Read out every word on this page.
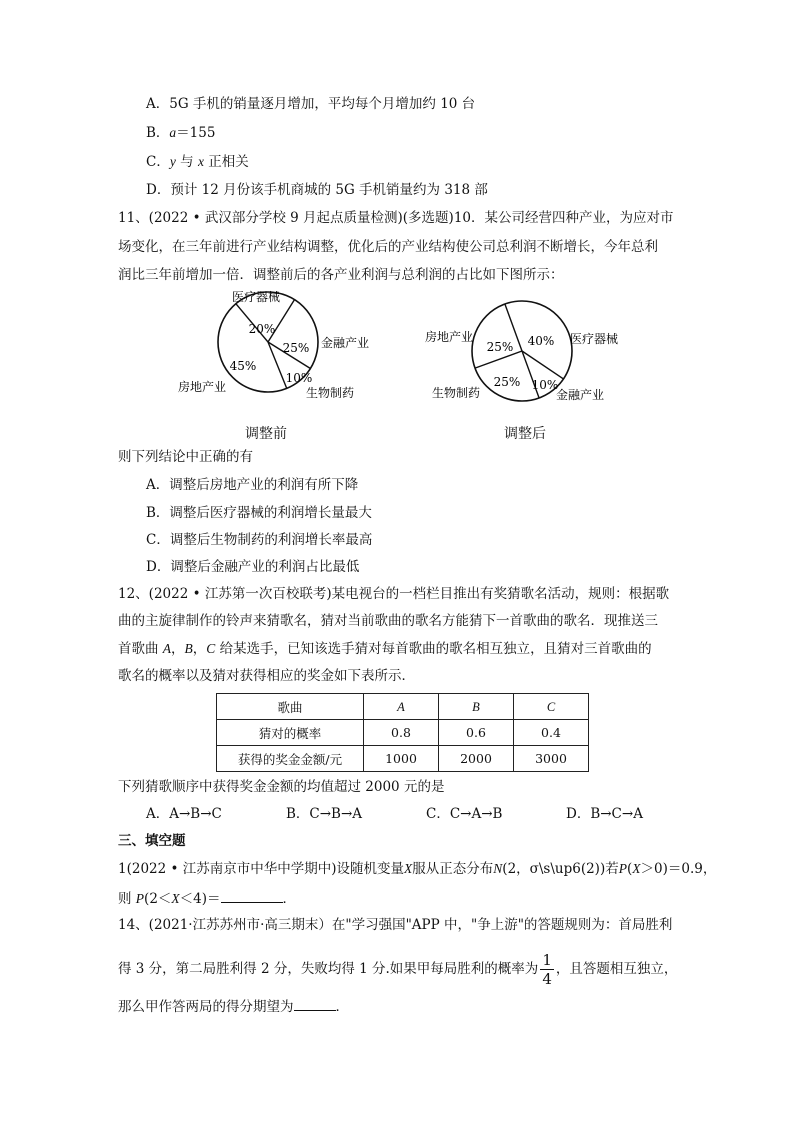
A．5G 手机的销量逐月增加，平均每个月增加约 10 台
B．a＝155
C．y 与 x 正相关
D．预计 12 月份该手机商城的 5G 手机销量约为 318 部
11、(2022 • 武汉部分学校 9 月起点质量检测)(多选题)10．某公司经营四种产业，为应对市
场变化，在三年前进行产业结构调整，优化后的产业结构使公司总利润不断增长，今年总利
润比三年前增加一倍．调整前后的各产业利润与总利润的占比如下图所示：
医疗器械
金融产业
生物制药
房地产业
20%
25%
10%
45%
医疗器械
金融产业
生物制药
房地产业	40%
10%
25%
25%
调整前	调整后
则下列结论中正确的有
A．调整后房地产业的利润有所下降
B．调整后医疗器械的利润增长量最大
C．调整后生物制药的利润增长率最高
D．调整后金融产业的利润占比最低
12、(2022 • 江苏第一次百校联考)某电视台的一档栏目推出有奖猜歌名活动，规则：根据歌
曲的主旋律制作的铃声来猜歌名，猜对当前歌曲的歌名方能猜下一首歌曲的歌名．现推送三
首歌曲 A，B，C 给某选手，已知该选手猜对每首歌曲的歌名相互独立，且猜对三首歌曲的
歌名的概率以及猜对获得相应的奖金如下表所示．
歌曲	A	B	C
猜对的概率	0.8	0.6	0.4
获得的奖金金额/元	1000	2000	3000
下列猜歌顺序中获得奖金金额的均值超过 2000 元的是
A．A→B→C	B．C→B→A	C．C→A→B	D．B→C→A
三、填空题
1(2022 • 江苏南京市中华中学期中)设随机变量X服从正态分布N(2，σ\s\up6(2))若P(X＞0)＝0.9，
则 P(2＜X＜4)＝	．
14、(2021·江苏苏州市·高三期末）在"学习强国"APP 中，"争上游"的答题规则为：首局胜利
得 3 分，第二局胜利得 2 分，失败均得 1 分.如果甲每局胜利的概率为 $\frac{1}{4}$ ，且答题相互独立，
那么甲作答两局的得分期望为	．
